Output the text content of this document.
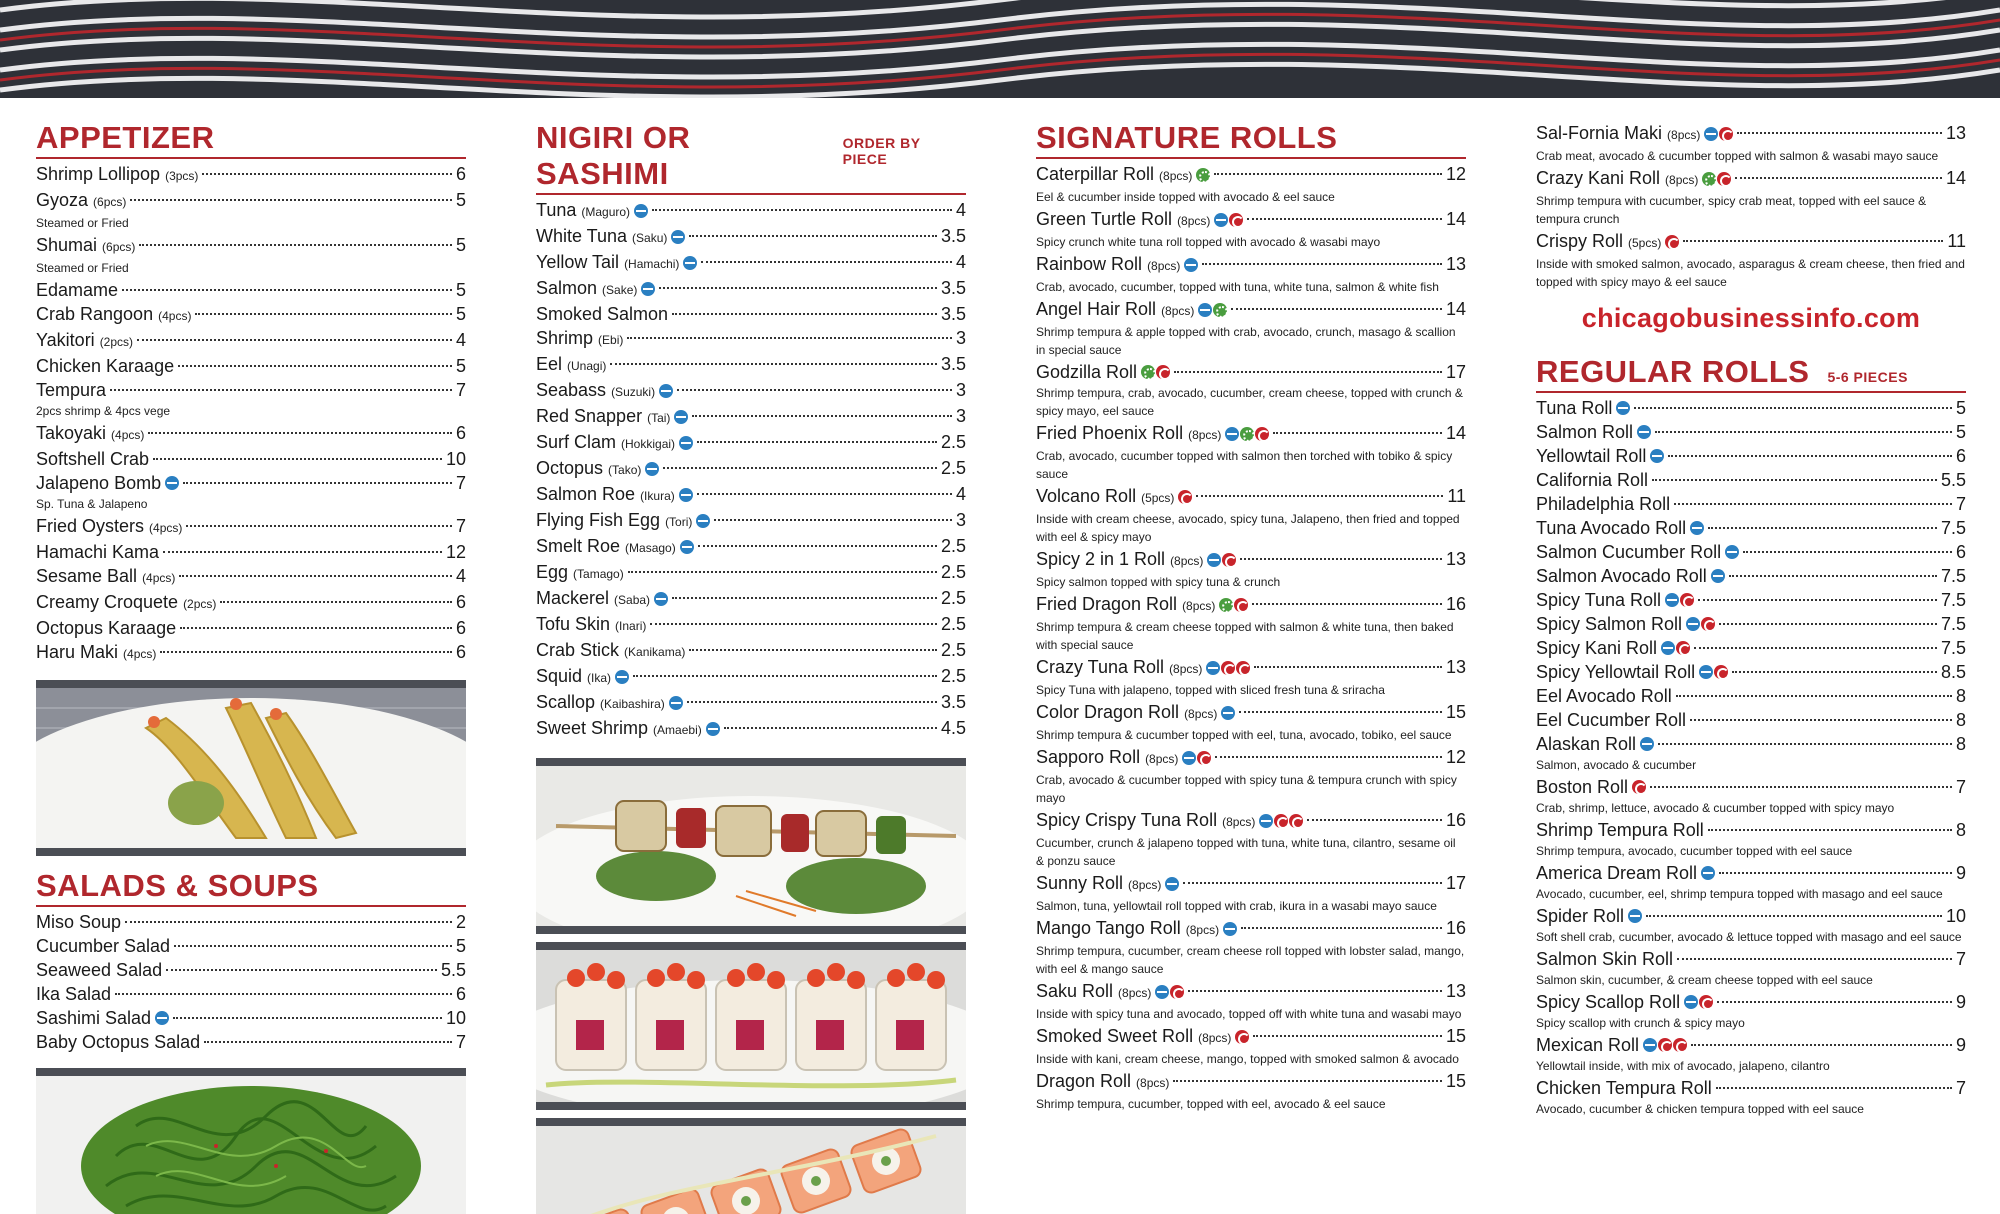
APPETIZER
Shrimp Lollipop (3pcs)	6
Gyoza (6pcs)	5
Steamed or Fried
Shumai (6pcs)	5
Steamed or Fried
Edamame	5
Crab Rangoon (4pcs)	5
Yakitori (2pcs)	4
Chicken Karaage	5
Tempura	7
2pcs shrimp & 4pcs vege
Takoyaki (4pcs)	6
Softshell Crab	10
Jalapeno Bomb	7
Sp. Tuna & Jalapeno
Fried Oysters (4pcs)	7
Hamachi Kama	12
Sesame Ball (4pcs)	4
Creamy Croquete (2pcs)	6
Octopus Karaage	6
Haru Maki (4pcs)	6
SALADS & SOUPS
Miso Soup	2
Cucumber Salad	5
Seaweed Salad	5.5
Ika Salad	6
Sashimi Salad	10
Baby Octopus Salad	7
NIGIRI OR SASHIMI
ORDER BY PIECE
Tuna (Maguro)	4
White Tuna (Saku)	3.5
Yellow Tail (Hamachi)	4
Salmon (Sake)	3.5
Smoked Salmon	3.5
Shrimp (Ebi)	3
Eel (Unagi)	3.5
Seabass (Suzuki)	3
Red Snapper (Tai)	3
Surf Clam (Hokkigai)	2.5
Octopus (Tako)	2.5
Salmon Roe (Ikura)	4
Flying Fish Egg (Tori)	3
Smelt Roe (Masago)	2.5
Egg (Tamago)	2.5
Mackerel (Saba)	2.5
Tofu Skin (Inari)	2.5
Crab Stick (Kanikama)	2.5
Squid (Ika)	2.5
Scallop (Kaibashira)	3.5
Sweet Shrimp (Amaebi)	4.5
SIGNATURE ROLLS
Caterpillar Roll (8pcs)	12
Eel & cucumber inside topped with avocado & eel sauce
Green Turtle Roll (8pcs)	14
Spicy crunch white tuna roll topped with avocado & wasabi mayo
Rainbow Roll (8pcs)	13
Crab, avocado, cucumber, topped with tuna, white tuna, salmon & white fish
Angel Hair Roll (8pcs)	14
Shrimp tempura & apple topped with crab, avocado, crunch, masago & scallion in special sauce
Godzilla Roll	17
Shrimp tempura, crab, avocado, cucumber, cream cheese, topped with crunch & spicy mayo, eel sauce
Fried Phoenix Roll (8pcs)	14
Crab, avocado, cucumber topped with salmon then torched with tobiko & spicy sauce
Volcano Roll (5pcs)	11
Inside with cream cheese, avocado, spicy tuna, Jalapeno, then fried and topped with eel & spicy mayo
Spicy 2 in 1 Roll (8pcs)	13
Spicy salmon topped with spicy tuna & crunch
Fried Dragon Roll (8pcs)	16
Shrimp tempura & cream cheese topped with salmon & white tuna, then baked with special sauce
Crazy Tuna Roll (8pcs)	13
Spicy Tuna with jalapeno, topped with sliced fresh tuna & sriracha
Color Dragon Roll (8pcs)	15
Shrimp tempura & cucumber topped with eel, tuna, avocado, tobiko, eel sauce
Sapporo Roll (8pcs)	12
Crab, avocado & cucumber topped with spicy tuna & tempura crunch with spicy mayo
Spicy Crispy Tuna Roll (8pcs)	16
Cucumber, crunch & jalapeno topped with tuna, white tuna, cilantro, sesame oil & ponzu sauce
Sunny Roll (8pcs)	17
Salmon, tuna, yellowtail roll topped with crab, ikura in a wasabi mayo sauce
Mango Tango Roll (8pcs)	16
Shrimp tempura, cucumber, cream cheese roll topped with lobster salad, mango, with eel & mango sauce
Saku Roll (8pcs)	13
Inside with spicy tuna and avocado, topped off with white tuna and wasabi mayo
Smoked Sweet Roll (8pcs)	15
Inside with kani, cream cheese, mango, topped with smoked salmon & avocado
Dragon Roll (8pcs)	15
Shrimp tempura, cucumber, topped with eel, avocado & eel sauce
Sal-Fornia Maki (8pcs)	13
Crab meat, avocado & cucumber topped with salmon & wasabi mayo sauce
Crazy Kani Roll (8pcs)	14
Shrimp tempura with cucumber, spicy crab meat, topped with eel sauce & tempura crunch
Crispy Roll (5pcs)	11
Inside with smoked salmon, avocado, asparagus & cream cheese, then fried and topped with spicy mayo & eel sauce
chicagobusinessinfo.com
REGULAR ROLLS 5-6 PIECES
Tuna Roll	5
Salmon Roll	5
Yellowtail Roll	6
California Roll	5.5
Philadelphia Roll	7
Tuna Avocado Roll	7.5
Salmon Cucumber Roll	6
Salmon Avocado Roll	7.5
Spicy Tuna Roll	7.5
Spicy Salmon Roll	7.5
Spicy Kani Roll	7.5
Spicy Yellowtail Roll	8.5
Eel Avocado Roll	8
Eel Cucumber Roll	8
Alaskan Roll	8
Salmon, avocado & cucumber
Boston Roll	7
Crab, shrimp, lettuce, avocado & cucumber topped with spicy mayo
Shrimp Tempura Roll	8
Shrimp tempura, avocado, cucumber topped with eel sauce
America Dream Roll	9
Avocado, cucumber, eel, shrimp tempura topped with masago and eel sauce
Spider Roll	10
Soft shell crab, cucumber, avocado & lettuce topped with masago and eel sauce
Salmon Skin Roll	7
Salmon skin, cucumber, & cream cheese topped with eel sauce
Spicy Scallop Roll	9
Spicy scallop with crunch & spicy mayo
Mexican Roll	9
Yellowtail inside, with mix of avocado, jalapeno, cilantro
Chicken Tempura Roll	7
Avocado, cucumber & chicken tempura topped with eel sauce
